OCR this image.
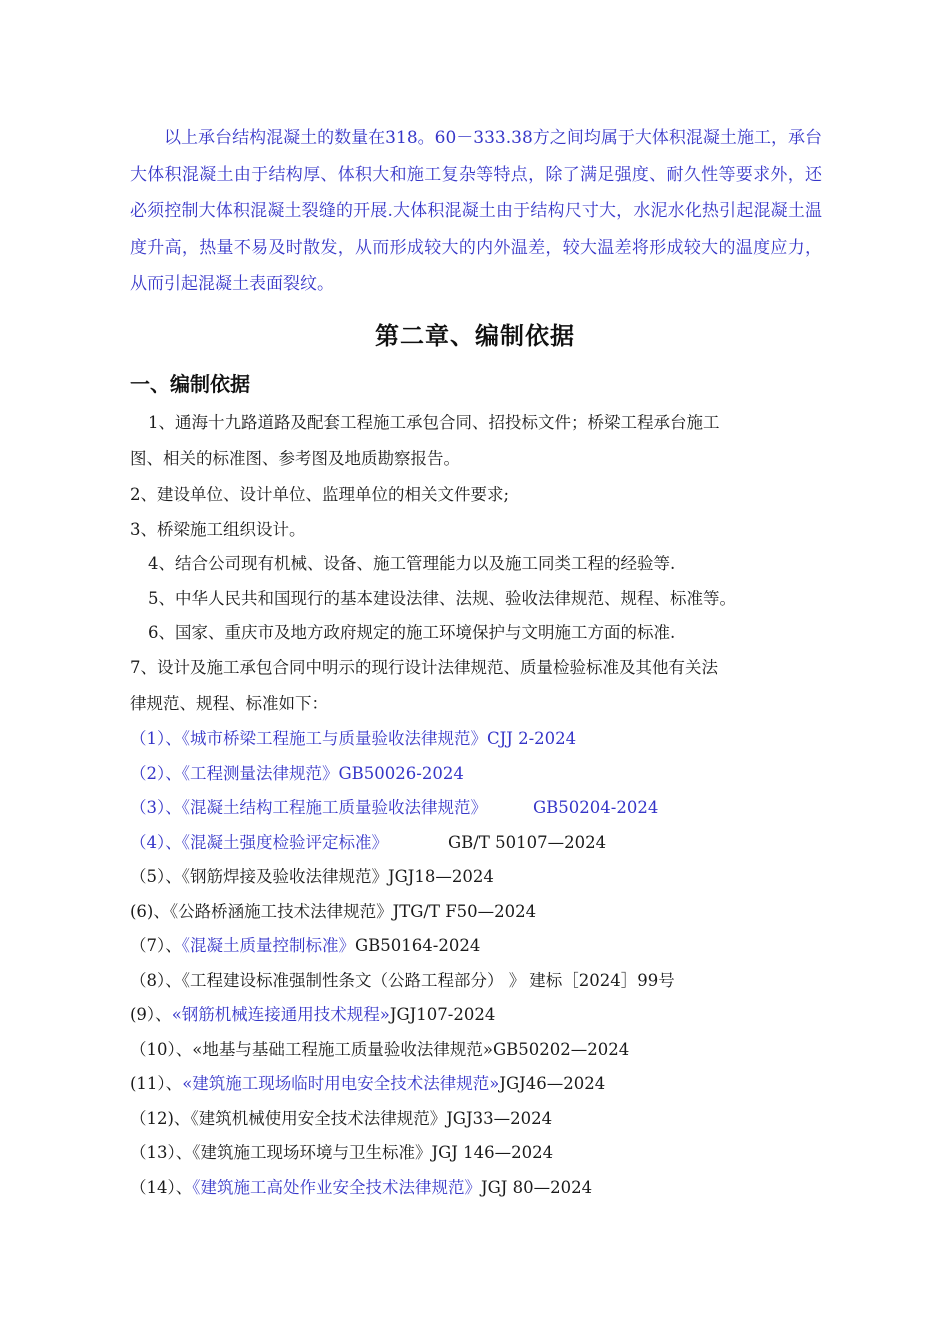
以上承台结构混凝土的数量在318。60－333.38方之间均属于大体积混凝土施工，承台大体积混凝土由于结构厚、体积大和施工复杂等特点，除了满足强度、耐久性等要求外，还必须控制大体积混凝土裂缝的开展.大体积混凝土由于结构尺寸大，水泥水化热引起混凝土温度升高，热量不易及时散发，从而形成较大的内外温差，较大温差将形成较大的温度应力，从而引起混凝土表面裂纹。

第二章、编制依据
一、编制依据
1、通海十九路道路及配套工程施工承包合同、招投标文件；桥梁工程承台施工
图、相关的标准图、参考图及地质勘察报告。
2、建设单位、设计单位、监理单位的相关文件要求;
3、桥梁施工组织设计。
4、结合公司现有机械、设备、施工管理能力以及施工同类工程的经验等.
5、中华人民共和国现行的基本建设法律、法规、验收法律规范、规程、标准等。
6、国家、重庆市及地方政府规定的施工环境保护与文明施工方面的标准.
7、设计及施工承包合同中明示的现行设计法律规范、质量检验标准及其他有关法
律规范、规程、标准如下：
（1）、《城市桥梁工程施工与质量验收法律规范》CJJ 2-2024
（2）、《工程测量法律规范》GB50026-2024
（3）、《混凝土结构工程施工质量验收法律规范》	GB50204-2024
（4）、《混凝土强度检验评定标准》	GB/T 50107—2024
（5）、《钢筋焊接及验收法律规范》JGJ18—2024
(6)、《公路桥涵施工技术法律规范》JTG/T F50—2024
（7）、《混凝土质量控制标准》GB50164-2024
（8）、《工程建设标准强制性条文（公路工程部分） 》 建标［2024］99号
(9）、«钢筋机械连接通用技术规程»JGJ107-2024
（10）、«地基与基础工程施工质量验收法律规范»GB50202—2024
(11）、«建筑施工现场临时用电安全技术法律规范»JGJ46—2024
（12)、《建筑机械使用安全技术法律规范》JGJ33—2024
（13）、《建筑施工现场环境与卫生标准》JGJ 146—2024
（14）、《建筑施工高处作业安全技术法律规范》JGJ 80—2024
